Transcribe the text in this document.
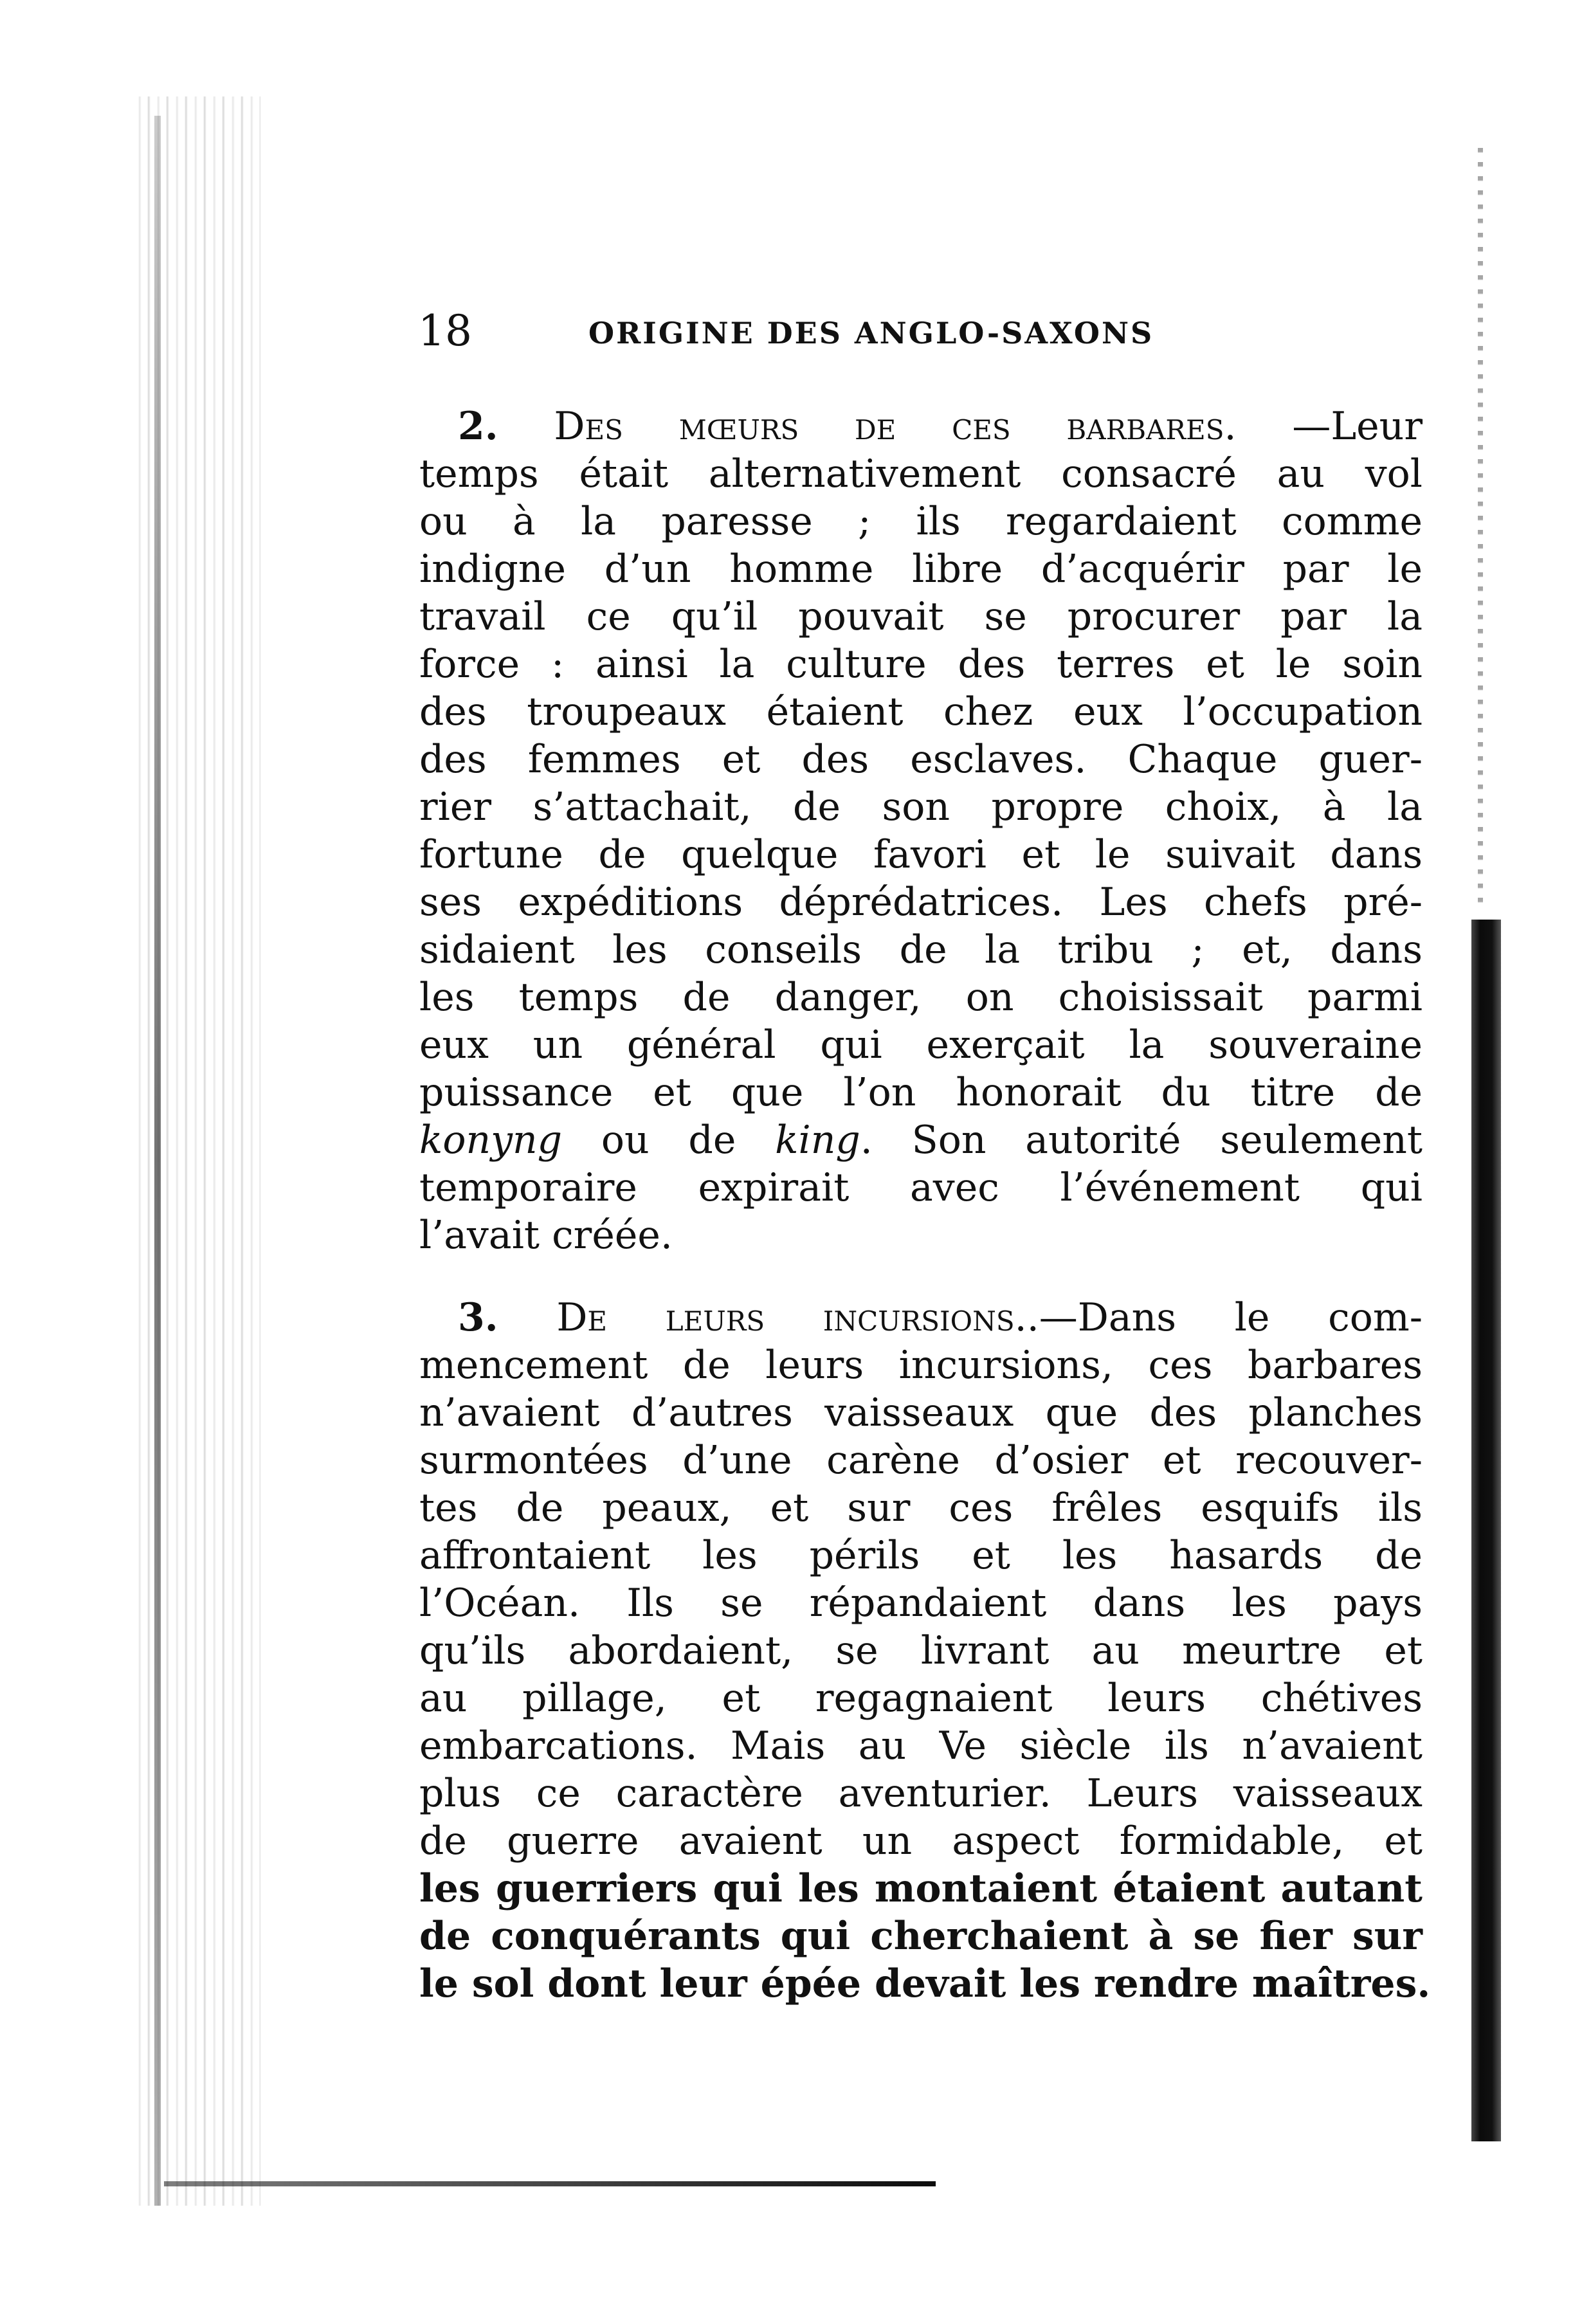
18	ORIGINE DES ANGLO-SAXONS
2. Des mœurs de ces barbares. —Leur
temps était alternativement consacré au vol
ou à la paresse ; ils regardaient comme
indigne d’un homme libre d’acquérir par le
travail ce qu’il pouvait se procurer par la
force : ainsi la culture des terres et le soin
des troupeaux étaient chez eux l’occupation
des femmes et des esclaves. Chaque guer-
rier s’attachait, de son propre choix, à la
fortune de quelque favori et le suivait dans
ses expéditions déprédatrices. Les chefs pré-
sidaient les conseils de la tribu ; et, dans
les temps de danger, on choisissait parmi
eux un général qui exerçait la souveraine
puissance et que l’on honorait du titre de
konyng ou de king. Son autorité seulement
temporaire expirait avec l’événement qui
l’avait créée.
3. De leurs incursions..—Dans le com-
mencement de leurs incursions, ces barbares
n’avaient d’autres vaisseaux que des planches
surmontées d’une carène d’osier et recouver-
tes de peaux, et sur ces frêles esquifs ils
affrontaient les périls et les hasards de
l’Océan. Ils se répandaient dans les pays
qu’ils abordaient, se livrant au meurtre et
au pillage, et regagnaient leurs chétives
embarcations. Mais au Ve siècle ils n’avaient
plus ce caractère aventurier. Leurs vaisseaux
de guerre avaient un aspect formidable, et
les guerriers qui les montaient étaient autant
de conquérants qui cherchaient à se fier sur
le sol dont leur épée devait les rendre maîtres.
